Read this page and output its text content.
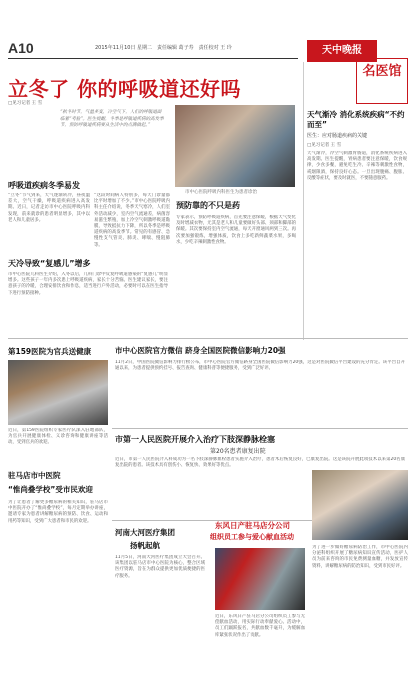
A10	2015年11月10日 星期二　责任编辑 葛子寿　责任校对 王 玲	天中晚报
名医馆
立冬了 你的呼吸道还好吗
□见习记者 王 雪
“秋冬时节，气温多变，冷空气下，人们的呼吸道面临着“考验”。医生提醒，冬季是呼吸道疾病的高发季节，预防呼吸道疾病要从生活中的点滴做起。”
市中心医院呼吸内科医生为患者诊治
呼吸道疾病冬季易发
“立冬”节气到来，天气逐渐转冷，昼夜温差大，空气干燥，呼吸道疾病进入高发期。近日，记者走访市中心医院呼吸内科发现，前来就诊的患者明显增多，其中以老人和儿童居多。
“这段时间病人特别多，每天门诊量都比平时增加了不少。”市中心医院呼吸内科主任介绍说，冬季天气寒冷，人们室外活动减少，室内空气流通差，病菌容易滋生繁殖，加上冷空气刺激呼吸道黏膜，导致抵抗力下降，所以冬季是呼吸道疾病的高发季节。常见的有感冒、急慢性支气管炎、肺炎、哮喘、慢阻肺等。
预防靠的不只是药
专家表示，预防呼吸道疾病，首先要注意保暖，根据天气变化及时增减衣物，尤其是老人和儿童要做好头部、颈部和脚部的保暖。其次要保持室内空气流通，每天开窗通风两到三次。再次要加强锻炼，增强体质，饮食上多吃新鲜蔬菜水果，多喝水，少吃辛辣刺激性食物。
天冷导致“复感儿”增多
市中心医院儿科医生介绍，入冬以后，儿科门诊中反复呼吸道感染的“复感儿”明显增多。这些孩子一年内多次患上呼吸道疾病，家长十分苦恼。医生建议家长，要注意孩子的冷暖，合理安排饮食和作息，适当进行户外活动，必要时可以在医生指导下进行预防接种。
天气渐冷 消化系统疾病“不约而至”
医生：应对肠道疾病的关键
□见习记者 王 雪
天气渐冷，冷空气刺激胃肠道，消化系统疾病进入高发期。医生提醒，胃病患者要注意保暖，饮食规律，少食多餐，避免吃生冷、辛辣等刺激性食物，戒烟限酒，保持良好心态。一旦出现腹痛、腹胀、反酸等症状，要及时就医，不要随意服药。
第159医院为官兵送健康
近日，第159医院组织专家医疗队深入驻地部队，为官兵开展健康体检、义诊咨询和健康讲座等活动，受到官兵的欢迎。
市中心医院官方微信 跻身全国医院微信影响力20强
11月2日，中国医院微信影响力排行榜公布，市中心医院官方微信跻身全国医院微信影响力20强，这是对医院微信平台建设的充分肯定。该平台自开通以来，为患者提供预约挂号、报告查询、健康科普等便捷服务，受到广泛好评。
驻马店市中医院
“惟尚叠学校”受市民欢迎
为了让患者了解更多糖尿病的相关知识，驻马店市中医院开办了“惟尚叠学校”，每月定期举办讲座，邀请专家为患者讲解糖尿病的预防、饮食、运动和用药等知识，受到广大患者和市民的欢迎。
市第一人民医院开展介入治疗下肢深静脉栓塞
第20名患者康复出院
近日，市第一人民医院介入科成功为一名下肢深静脉血栓患者实施介入治疗，患者术后恢复良好，已康复出院。这是该院开展此项技术以来第20名康复出院的患者。该技术具有创伤小、恢复快、效果好等优点。
河南大河医疗集团
扬帆起航
11月5日，河南大河医疗集团成立大会召开。该集团以驻马店市中心医院为核心，整合区域医疗资源，旨在为群众提供更加优质便捷的医疗服务。
东风日产驻马店分公司
组织员工参与爱心献血活动
近日，东风日产驻马店分公司组织员工参与无偿献血活动，用实际行动奉献爱心。活动中，员工们踊跃报名，共献血数千毫升，为缓解血库紧张状况作出了贡献。
为了进一步做好糖尿病防治工作，市中心医院内分泌科组织开展了糖尿病知识宣传活动，医护人员为前来咨询的市民免费测量血糖，并发放宣传资料，讲解糖尿病的防治知识，受到市民好评。
